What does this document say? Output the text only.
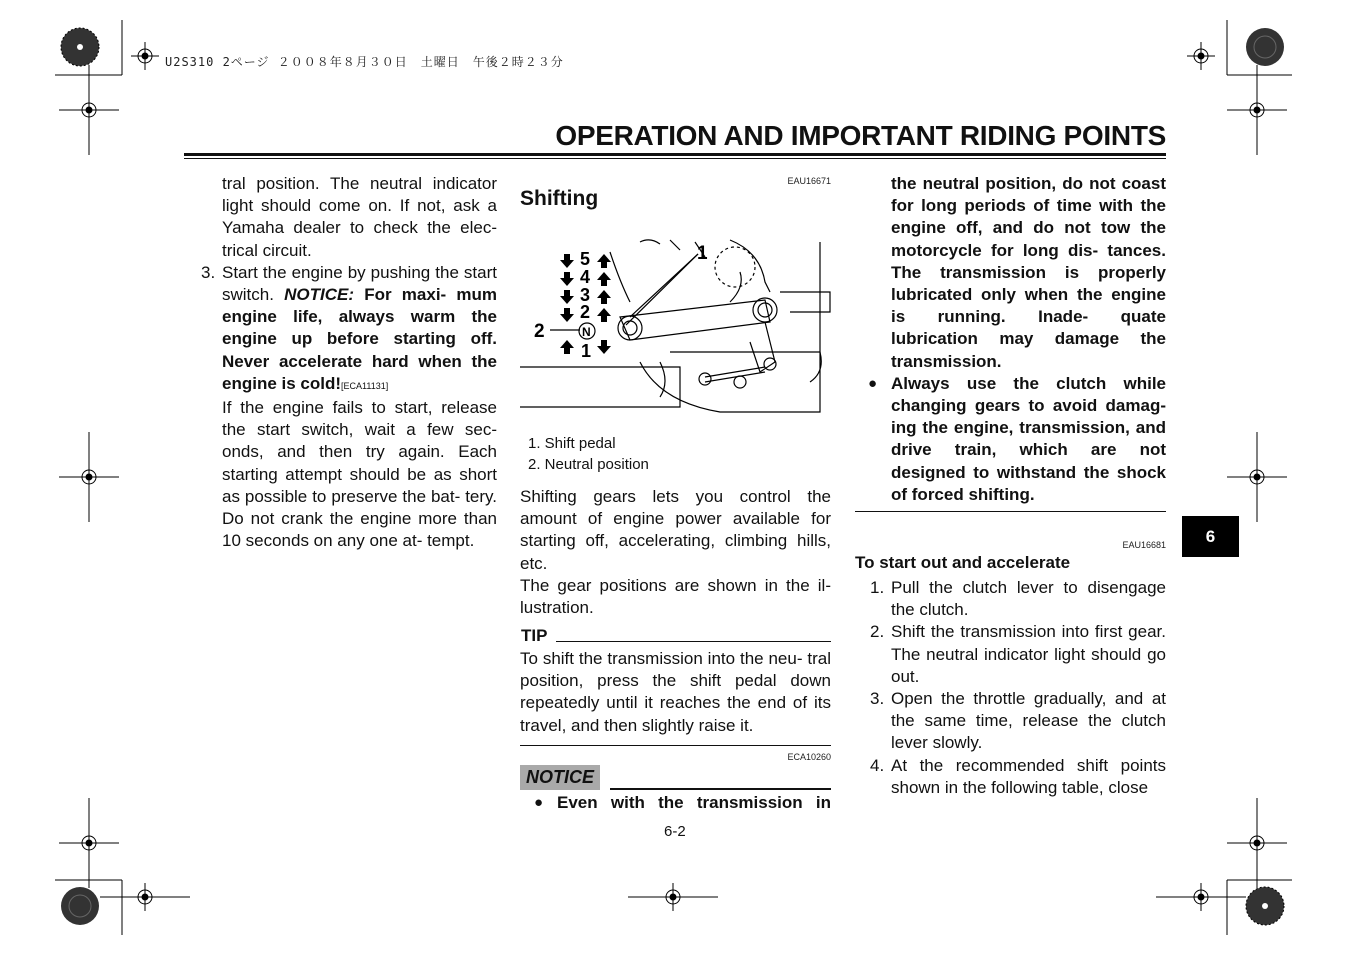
U2S310 2ページ ２００８年８月３０日　土曜日　午後２時２３分
OPERATION AND IMPORTANT RIDING POINTS

tral position. The neutral indicator light should come on. If not, ask a Yamaha dealer to check the elec- trical circuit.

3. Start the engine by pushing the start switch. NOTICE: For maxi- mum engine life, always warm the engine up before starting off. Never accelerate hard when the engine is cold![ECA11131]

If the engine fails to start, release the start switch, wait a few sec- onds, and then try again. Each starting attempt should be as short as possible to preserve the bat- tery. Do not crank the engine more than 10 seconds on any one at- tempt.

EAU16671
Shifting
5
4
3
2
N
1
1
2
1. Shift pedal
2. Neutral position

Shifting gears lets you control the amount of engine power available for starting off, accelerating, climbing hills, etc.

The gear positions are shown in the il- lustration.

TIP
To shift the transmission into the neu- tral position, press the shift pedal down repeatedly until it reaches the end of its travel, and then slightly raise it.
ECA10260
NOTICE
● Even with the transmission in
6-2

the neutral position, do not coast for long periods of time with the engine off, and do not tow the motorcycle for long dis- tances. The transmission is properly lubricated only when the engine is running. Inade- quate lubrication may damage the transmission.

● Always use the clutch while changing gears to avoid damag- ing the engine, transmission, and drive train, which are not designed to withstand the shock of forced shifting.

EAU16681
To start out and accelerate
1. Pull the clutch lever to disengage the clutch.

2. Shift the transmission into first gear. The neutral indicator light should go out.

3. Open the throttle gradually, and at the same time, release the clutch lever slowly.

4. At the recommended shift points shown in the following table, close

6
